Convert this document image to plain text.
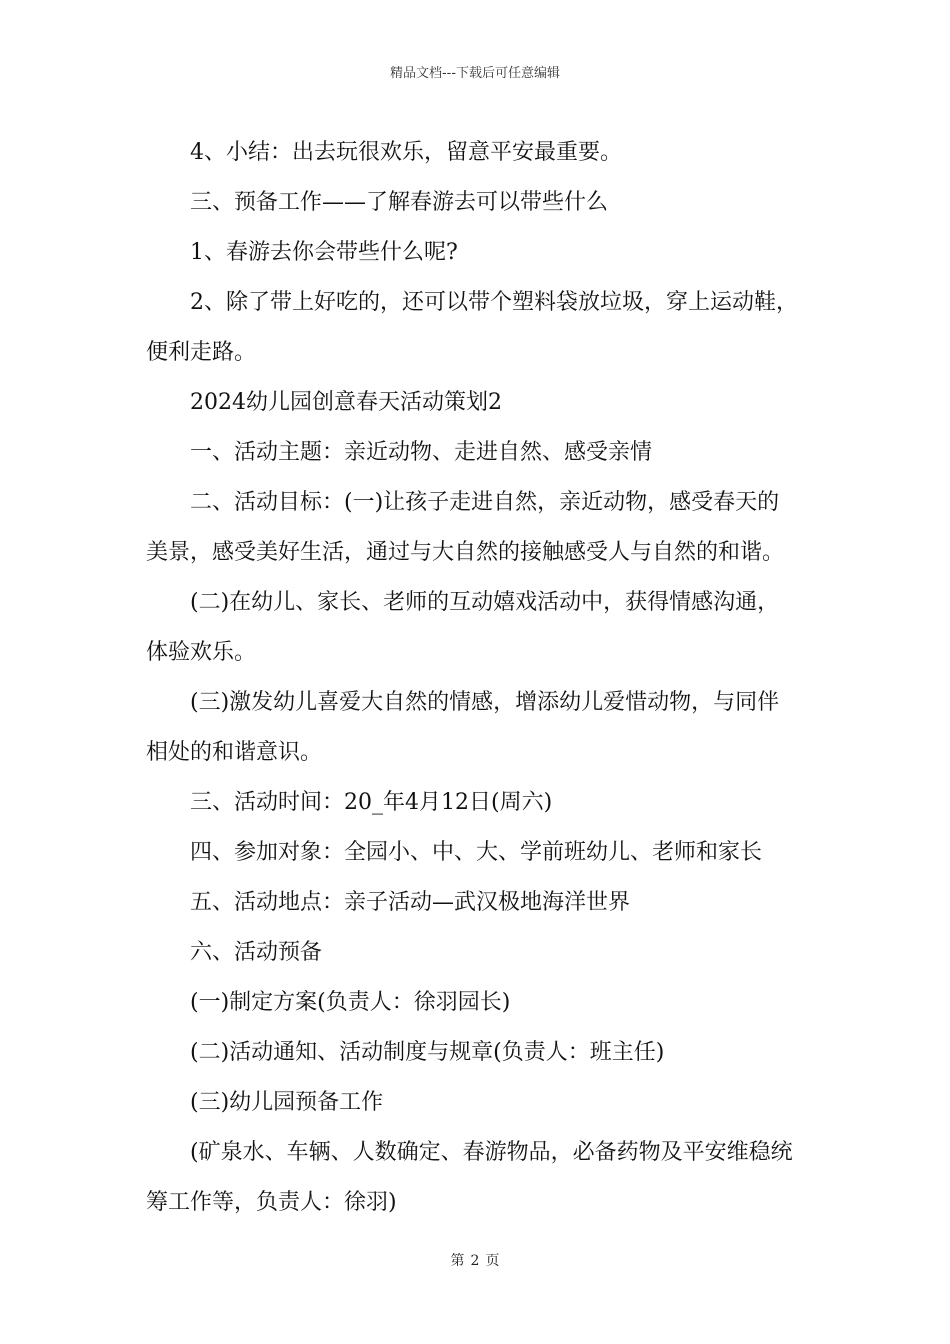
精品文档---下载后可任意编辑
4、小结：出去玩很欢乐，留意平安最重要。
三、预备工作——了解春游去可以带些什么
1、春游去你会带些什么呢?
2、除了带上好吃的，还可以带个塑料袋放垃圾，穿上运动鞋，
便利走路。
2024幼儿园创意春天活动策划2
一、活动主题：亲近动物、走进自然、感受亲情
二、活动目标：(一)让孩子走进自然，亲近动物，感受春天的
美景，感受美好生活，通过与大自然的接触感受人与自然的和谐。
(二)在幼儿、家长、老师的互动嬉戏活动中，获得情感沟通，
体验欢乐。
(三)激发幼儿喜爱大自然的情感，增添幼儿爱惜动物，与同伴
相处的和谐意识。
三、活动时间：20_年4月12日(周六)
四、参加对象：全园小、中、大、学前班幼儿、老师和家长
五、活动地点：亲子活动—武汉极地海洋世界
六、活动预备
(一)制定方案(负责人：徐羽园长)
(二)活动通知、活动制度与规章(负责人：班主任)
(三)幼儿园预备工作
(矿泉水、车辆、人数确定、春游物品，必备药物及平安维稳统
筹工作等，负责人：徐羽)
第 2 页
